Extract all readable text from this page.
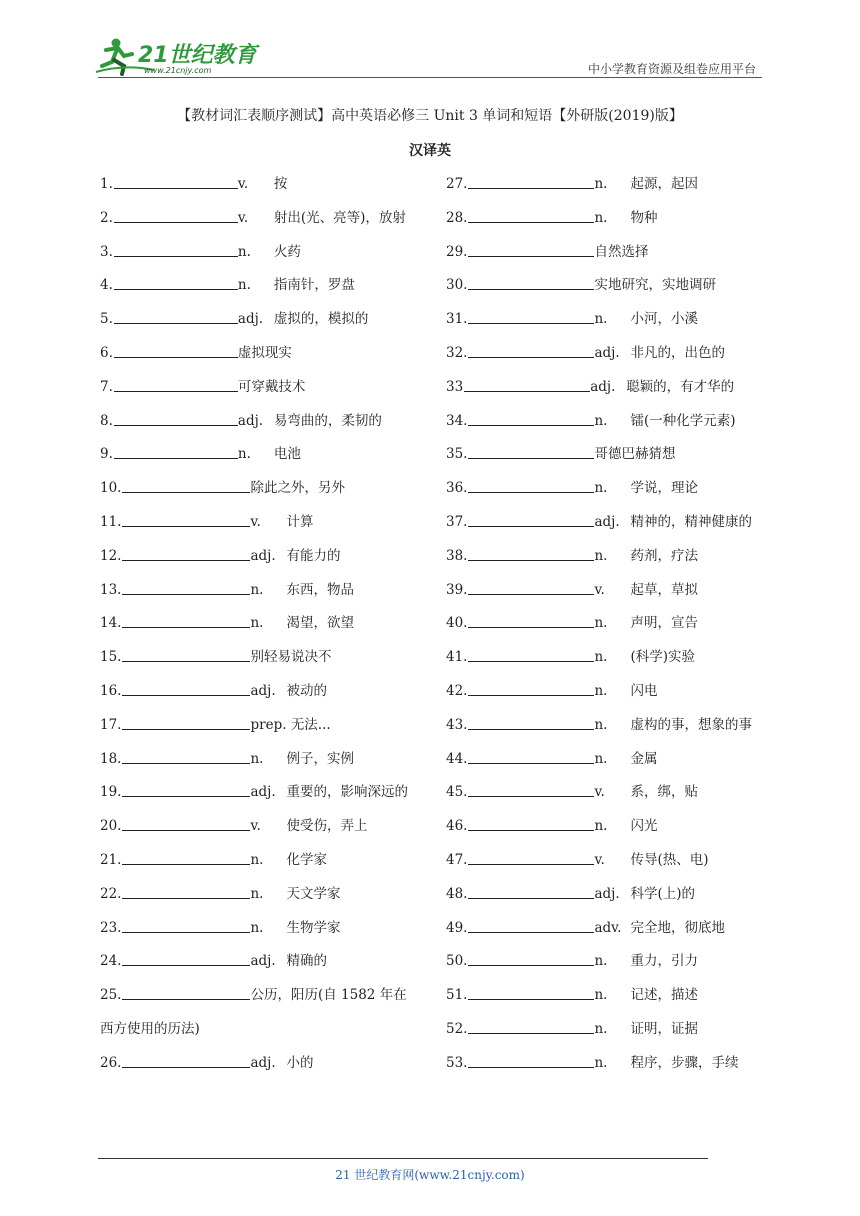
21世纪教育
www.21cnjy.com	中小学教育资源及组卷应用平台
【教材词汇表顺序测试】高中英语必修三 Unit 3 单词和短语【外研版(2019)版】
汉译英
1.	v. 按
2.	v. 射出(光、亮等)，放射
3.	n. 火药
4.	n. 指南针，罗盘
5.	adj. 虚拟的，模拟的
6.	虚拟现实
7.	可穿戴技术
8.	adj. 易弯曲的，柔韧的
9.	n. 电池
10.	除此之外，另外
11.	v. 计算
12.	adj. 有能力的
13.	n. 东西，物品
14.	n. 渴望，欲望
15.	别轻易说决不
16.	adj. 被动的
17.	prep. 无法...
18.	n. 例子，实例
19.	adj. 重要的，影响深远的
20.	v. 使受伤，弄上
21.	n. 化学家
22.	n. 天文学家
23.	n. 生物学家
24.	adj. 精确的
25.	公历，阳历(自 1582 年在
西方使用的历法)
26.	adj. 小的
27.	n. 起源，起因
28.	n. 物种
29.	自然选择
30.	实地研究，实地调研
31.	n. 小河，小溪
32.	adj. 非凡的，出色的
33	adj. 聪颖的，有才华的
34.	n. 镭(一种化学元素)
35.	哥德巴赫猜想
36.	n. 学说，理论
37.	adj. 精神的，精神健康的
38.	n. 药剂，疗法
39.	v. 起草，草拟
40.	n. 声明，宣告
41.	n. (科学)实验
42.	n. 闪电
43.	n. 虚构的事，想象的事
44.	n. 金属
45.	v. 系，绑，贴
46.	n. 闪光
47.	v. 传导(热、电)
48.	adj. 科学(上)的
49.	adv. 完全地，彻底地
50.	n. 重力，引力
51.	n. 记述，描述
52.	n. 证明，证据
53.	n. 程序，步骤，手续
21 世纪教育网(www.21cnjy.com)
